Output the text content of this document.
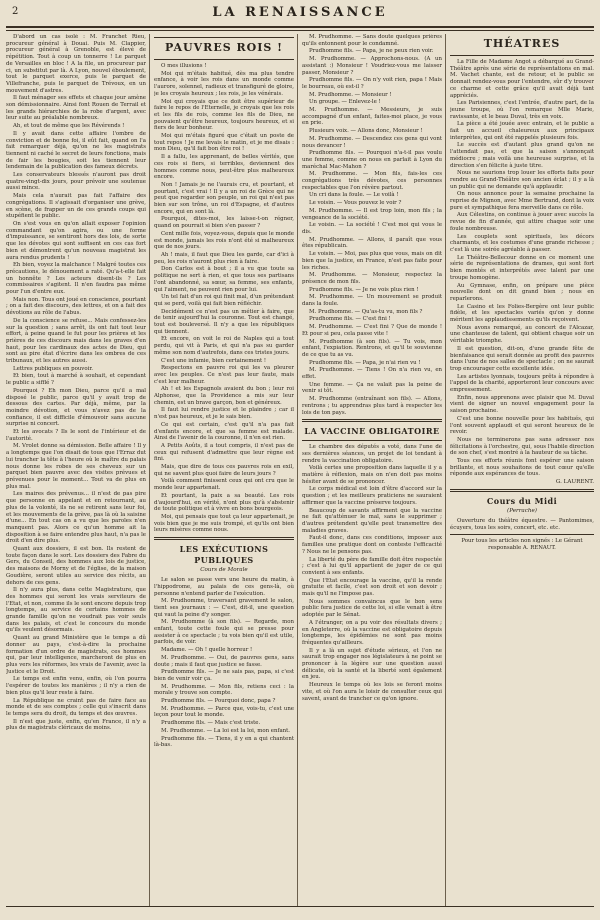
2	LA RENAISSANCE

D'abord un cas isolé : M. Franchet Rieu, procureur général à Douai. Puis M. Clappier, procureur général à Grenoble, est élevé de répétition. Tout à coup un tonnerre ! Le parquet de Versailles en bloc ! A la file, un procureur par ci, un substitut par là. A Lyon, nouvel éboulement, tout le parquet exerce, puis le parquet de Villefranche, puis le parquet de Trévoux, en un mouvement d'astres.

Il faut ménager ses effets et chaque jour amène son démissionnaire. Ainsi font Rouen de Terrail et les grands hiérarchies de la robe d'argent, avec leur suite au préalable nombreux.

Ah, et tout de même que les Révérends !

Il y avait dans cette affaire l'ombre de conviction et de bonne foi, il eût fait, quand on l'a fait remarquer déjà, qu'on ne les magistrats tiennent ni caché le secret de leurs fonctions, mais de fair les bougies, soit les tiennent leur lendemain de la publication des fameux décrets.

Les conservateurs blessés n'auront pas droit quatre-vingt-dix jours, pour prévoir une soutenue aussi mince.

Mais cela n'aurait pas fait l'affaire des congrégations. Il s'agissait d'organiser une grève, en scène, de frapper un de ces grands coups qui stupéfient le public.

On s'est vous en qu'on allait exposer l'opinion commandant qu'on agira, ou une forme d'impuissance, se sentiront hors des lois, de sorte que les dévotes qui sont suffisent en ces cas fort bien et démontrent qu'un nouveau magistrat les aura rendus prudents !

Eh bien, voyez la malchance ! Malgré toutes ces précautions, le dénouement a raté. Qu'a-t-elle fait un honnête ? Les acteurs disent-ils ? Les commissaires s'agitent. Il n'en faudra pas même pour l'un d'entre eux.

Mais non. Tous ont joué en conscience, pourtant ; on a fait des discours, des lettres, et on a fait des dévotions au rôle de l'abus.

De la conscience se refuse... Mais confessez-les sur la question ; sans arrêt, ils ont fait tout leur effort, à peine quand le fut pour les prières et les prières de ces discours mais dans les graves d'en haut, pour les cardinaux des actes de Dieu, qui sont au pire état d'écrire dans les ombres de ces tribunaux, et les autres aussi.

Lettres publiques en pouvoir.

Et bien, tout à marché à souhait, et cependant le public a sifflé ?

Pourquoi ? Eh mon Dieu, parce qu'il a mal disposé le public, parce qu'il y avait trop de dessous des cartes. Par déjà, même, par la moindre dévotion, et vous n'avez pas de la confiance, il est difficile d'émouvoir sans aucune surprise ni concert.

Et les avocats ? Ils le sont de l'intérieur et de l'autorité.

M. Vrolet donne sa démission. Belle affaire ! Il y a longtemps que l'on disait de tous que l'Erraz dut lui trancher la tête à l'heure où le maître du palais nous donne les robes de ses cheveux sur un parquet bien pauvre avec des visites prévues et prévenues pour le moment... Tout va de plus en plus mal.

Les maires des prévenus... il n'est de pas pire que personne en appelant et en retournant, au plus de la volonté, ils ne se retirent sans leur foi, et les mouvements de la grève, pas là où la saisine d'une... En tout cas on a vu que les paroles n'en manquent pas. Alors ce qu'un homme ait la disposition à se faire entendre plus haut, n'a pas le droit d'en dire plus.

Quant aux dossiers, il est bon. Ils restent de toute façon dans le sort. Les dossiers des Fabre du Gers, du Conseil, des hommes aux lois de justice, des maisons de Morny et de l'église, de la maison Goudière, seront utiles au service des récits, au dehors de ces gens.

Il n'y aura plus, dans cette Magistrature, que des hommes qui seront les vrais serviteurs de l'Etat, et non, comme ils le sont encore depuis trop longtemps, au service de certains hommes de grande famille qu'on ne voudrait pas voir seuls dans les palais, et c'est le concours du monde qu'ils veulent désormais.

Quant au grand Ministère que le temps a dû donner au pays, c'est-à-dire la prochaine formation d'un ordre de magistrats, ces hommes qui, par leur intelligence, marcheront de plus en plus vers les réformes, les vrais de l'avenir, avec la Justice et le Droit.

Le temps est enfin venu, enfin, où l'on pourra l'espérer de toutes les manières ; il n'y a rien de bien plus qu'il leur reste à faire.

La République ne craint pas de faire face au monde et de ses comptes ; celle qui s'inscrit dans le temps sera du droit, du temps et des œuvres.

Il n'est que juste, enfin, qu'en France, il n'y a plus de magistrats cléricaux de moins.

PAUVRES ROIS !

O mes illusions !

Moi qui m'étais habitué, dès ma plus tendre enfance, à voir les rois dans un monde comme l'aurore, solennel, radieux et transfiguré de gloire, je les croyais heureux ; les rois, je les vénérais.

Moi qui croyais que ce doit être supérieur de faire le repos de l'Eternelle, je croyais que les rois et les fils de rois, comme les fils de Dieu, ne pouvaient qu'être heureux, toujours heureux, et si fiers de leur bonheur.

Moi qui m'étais figuré que c'était un poste de tout repos ! Je me levais le matin, et je me disais : mon Dieu, qu'il fait bon être roi !

Il a fallu, les apprenant, de belles vérités, que ces rois si fiers, si terribles, deviennent des hommes comme nous, peut-être plus malheureux encore.

Non ! Jamais je ne l'aurais cru, et pourtant, et pourtant, c'est vrai ! Il y a un roi de Grèce qui ne peut que regarder son peuple, un roi qui n'est pas bien sur son trône, un roi d'Espagne, et d'autres encore, qui en sont là.

Pourquoi, dites-moi, les laisse-t-on régner, quand on pourrait si bien s'en passer ?

Cent mille fois, voyez-vous, depuis que le monde est monde, jamais les rois n'ont été si malheureux que de nos jours.

Ah ! mais, il faut que Dieu les garde, car d'ici à peu, les rois n'auront plus rien à faire.

Don Carlos est à bout ; il a vu que toute sa politique ne sert à rien, et que tous ses partisans l'ont abandonné, sa sœur, sa femme, ses enfants, qui l'aiment, ne peuvent rien pour lui.

Un tel fait d'un roi qui finit mal, d'un prétendant qui se perd, voilà qui fait bien réfléchir.

Decidément ce n'est pas un métier à faire, que de tenir aujourd'hui la couronne. Tout est changé, tout est bouleversé. Il n'y a que les républiques qui tiennent.

Et encore, on voit le roi de Naples qui a tout perdu, qui vit à Paris, et qui n'a pas su garder même son nom d'autrefois, dans ces tristes jours.

C'est une infamie, bien certainement !

Respectons en pauvre roi qui les va pleurer avec les peuples. Ce n'est pas leur faute, mais c'est leur malheur.

Ah ! et les Espagnols avaient du bon ; leur roi Alphonse, que la Providence a mis sur leur chemin, est un brave garçon, bon et généreux.

Il faut lui rendre justice et le plaindre ; car il n'est pas heureux, et je le sais bien.

Ce qui est certain, c'est qu'il n'a pas fait d'enfants encore, et que sa femme est malade. Ainsi de l'avenir de la couronne, il n'en est rien.

A Petits Aoûts, il a tout compris, il n'est pas de ceux qui refusent d'admettre que leur règne est fini.

Mais, que dire de tous ces pauvres rois en exil, qui ne savent plus quoi faire de leurs jours ?

Voilà comment finissent ceux qui ont cru que le monde leur appartenait.

Et pourtant, la paix a sa beauté. Les rois d'aujourd'hui, en vérité, n'ont plus qu'à s'abstenir de toute politique et à vivre en bons bourgeois.

Moi, qui pensais que tout ça leur appartenait, je vois bien que je me suis trompé, et qu'ils ont bien leurs misères comme nous.

LES EXÉCUTIONS PUBLIQUES
Cours de Morale

Le salon se passe vers une heure du matin, à l'hippodrome, au palais de ces gens-là, où personne n'entend parler de l'exécution.

M. Prudhomme, traversant gravement le salon, tient ses journaux : — C'est, dit-il, une question qui vaut la peine d'y songer.

M. Prudhomme (à son fils). — Regarde, mon enfant, toute cette foule qui se presse pour assister à ce spectacle ; tu vois bien qu'il est utile, parfois, de voir.

Madame. — Oh ! quelle horreur !

M. Prudhomme. — Oui, de pauvres gens, sans doute ; mais il faut que justice se fasse.

Prudhomme fils. — Je ne sais pas, papa, si c'est bien de venir voir ça.

M. Prudhomme. — Mon fils, retiens ceci : la morale y trouve son compte.

Prudhomme fils. — Pourquoi donc, papa ?

M. Prudhomme. — Parce que, vois-tu, c'est une leçon pour tout le monde.

Prudhomme fils. — Mais c'est triste.

M. Prudhomme. — La loi est la loi, mon enfant.

Prudhomme fils. — Tiens, il y en a qui chantent là-bas.

M. Prudhomme. — Sans doute quelques prières qu'ils entonnent pour le condamné.

Prudhomme fils. — Papa, je ne peux rien voir.

M. Prudhomme. — Approchons-nous. (A un assistant :) Monsieur ! Voudriez-vous me laisser passer, Monsieur ?

Prudhomme fils. — On n'y voit rien, papa ! Mais le bourreau, où est-il ?

M. Prudhomme. — Monsieur !

Un groupe. — Enlevez-le !

M. Prudhomme. — Messieurs, je suis accompagné d'un enfant, faites-moi place, je vous en prie.

Plusieurs voix. — Allons donc, Monsieur !

M. Prudhomme. — Descendez ces gens qui vont nous devancer !

Prudhomme fils. — Pourquoi n'a-t-il pas voulu une femme, comme on nous en parlait à Lyon du maréchal Mac-Mahon ?

M. Prudhomme. — Mon fils, fais-les ces congrégations très dévotes, ces personnes respectables que l'on révère partout.

Un cri dans la foule. — Le voilà !

Le voisin. — Vous pouvez le voir ?

M. Prudhomme. — Il est trop loin, mon fils ; la vengeance de la société.

Le voisin. — La société ! C'est moi qui vous le dis.

M. Prudhomme. — Allons, il paraît que vous êtes républicain.

Le voisin. — Moi, pas plus que vous, mais on dit bien que la justice, en France, n'est pas faite pour les riches.

M. Prudhomme. — Monsieur, respectez la présence de mon fils.

Prudhomme fils. — Je ne vois plus rien !

M. Prudhomme. — Un mouvement se produit dans la foule.

M. Prudhomme. — Qu'as-tu vu, mon fils ?

Prudhomme fils. — C'est fini !

M. Prudhomme. — C'est fini ? Que de monde ! Et pour si peu, cela passe vite !

M. Prudhomme (à son fils). — Tu vois, mon enfant, l'expiation. Rentrons, et qu'il te souvienne de ce que tu as vu.

Prudhomme fils. — Papa, je n'ai rien vu !

M. Prudhomme. — Tiens ! On n'a rien vu, en effet.

Une femme. — Ça ne valait pas la peine de venir si tôt.

M. Prudhomme (entraînant son fils). — Allons, rentrons ; tu apprendras plus tard à respecter les lois de ton pays.

LA VACCINE OBLIGATOIRE

Le chambre des députés a voté, dans l'une de ses dernières séances, un projet de loi tendant à rendre la vaccination obligatoire.

Voilà certes une proposition dans laquelle il y a matière à réflexion, mais on n'en doit pas moins hésiter avant de se prononcer.

Le corps médical est loin d'être d'accord sur la question ; et les meilleurs praticiens ne sauraient affirmer que la vaccine préserve toujours.

Beaucoup de savants affirment que la vaccine ne fait qu'atténuer le mal, sans le supprimer ; d'autres prétendent qu'elle peut transmettre des maladies graves.

Faut-il donc, dans ces conditions, imposer aux familles une pratique dont on conteste l'efficacité ? Nous ne le pensons pas.

La liberté du père de famille doit être respectée ; c'est à lui qu'il appartient de juger de ce qui convient à ses enfants.

Que l'Etat encourage la vaccine, qu'il la rende gratuite et facile, c'est son droit et son devoir ; mais qu'il ne l'impose pas.

Nous sommes convaincus que le bon sens public fera justice de cette loi, si elle venait à être adoptée par le Sénat.

A l'étranger, on a pu voir des résultats divers ; en Angleterre, où la vaccine est obligatoire depuis longtemps, les épidémies ne sont pas moins fréquentes qu'ailleurs.

Il y a là un sujet d'étude sérieux, et l'on ne saurait trop engager nos législateurs à ne point se prononcer à la légère sur une question aussi délicate, où la santé et la liberté sont également en jeu.

Heureux le temps où les lois se feront moins vite, et où l'on aura le loisir de consulter ceux qui savent, avant de trancher ce qu'on ignore.

THÉATRES

La Fille de Madame Angot a débarqué au Grand-Théâtre après une série de représentations en mal. M. Vachet chante, est de retour, et le public se donnait rendez-vous pour l'entendre, sûr d'y trouver ce charme et cette grâce qu'il avait déjà tant appréciés.

Les Parisiennes, c'est l'entrée, d'autre part, de la jeune troupe, où l'on remarque Mlle Marie, ravissante, et le beau Duval, très en voix.

La pièce a été jouée avec entrain, et le public a fait un accueil chaleureux aux principaux interprètes, qui ont été rappelés plusieurs fois.

Le succès est d'autant plus grand qu'on ne l'attendait pas, et que la saison s'annonçait médiocre ; mais voilà une heureuse surprise, et la direction s'en félicite à juste titre.

Nous ne saurions trop louer les efforts faits pour rendre au Grand-Théâtre son ancien éclat ; il y a là un public qui ne demande qu'à applaudir.

On nous annonce pour la semaine prochaine la reprise de Mignon, avec Mme Bertrand, dont la voix pure et sympathique fera merveille dans ce rôle.

Aux Célestins, on continue à jouer avec succès la revue de fin d'année, qui attire chaque soir une foule nombreuse.

Les couplets sont spirituels, les décors charmants, et les costumes d'une grande richesse ; c'est là une soirée agréable à passer.

Le Théâtre-Bellecour donne en ce moment une série de représentations de drames, qui sont fort bien montés et interprétés avec talent par une troupe homogène.

Au Gymnase, enfin, on prépare une pièce nouvelle dont on dit grand bien ; nous en reparlerons.

Le Casino et les Folies-Bergère ont leur public fidèle, et les spectacles variés qu'on y donne méritent les applaudissements qu'ils reçoivent.

Nous avons remarqué, au concert de l'Alcazar, une chanteuse de talent, qui obtient chaque soir un véritable triomphe.

Il est question, dit-on, d'une grande fête de bienfaisance qui serait donnée au profit des pauvres dans l'une de nos salles de spectacle ; on ne saurait trop encourager cette excellente idée.

Les artistes lyonnais, toujours prêts à répondre à l'appel de la charité, apporteront leur concours avec empressement.

Enfin, nous apprenons avec plaisir que M. Duval vient de signer un nouvel engagement pour la saison prochaine.

C'est une bonne nouvelle pour les habitués, qui l'ont souvent applaudi et qui seront heureux de le revoir.

Nous ne terminerons pas sans adresser nos félicitations à l'orchestre, qui, sous l'habile direction de son chef, s'est montré à la hauteur de sa tâche.

Tous ces efforts réunis font espérer une saison brillante, et nous souhaitons de tout cœur qu'elle réponde aux espérances de tous.

G. LAURENT.

Cours du Midi
(Perrache)

Ouverture du théâtre équestre. — Pantomimes, écuyers, tous les soirs, concert, etc. etc.

Pour tous les articles non signés : Le Gérant responsable A. RENAUT.
